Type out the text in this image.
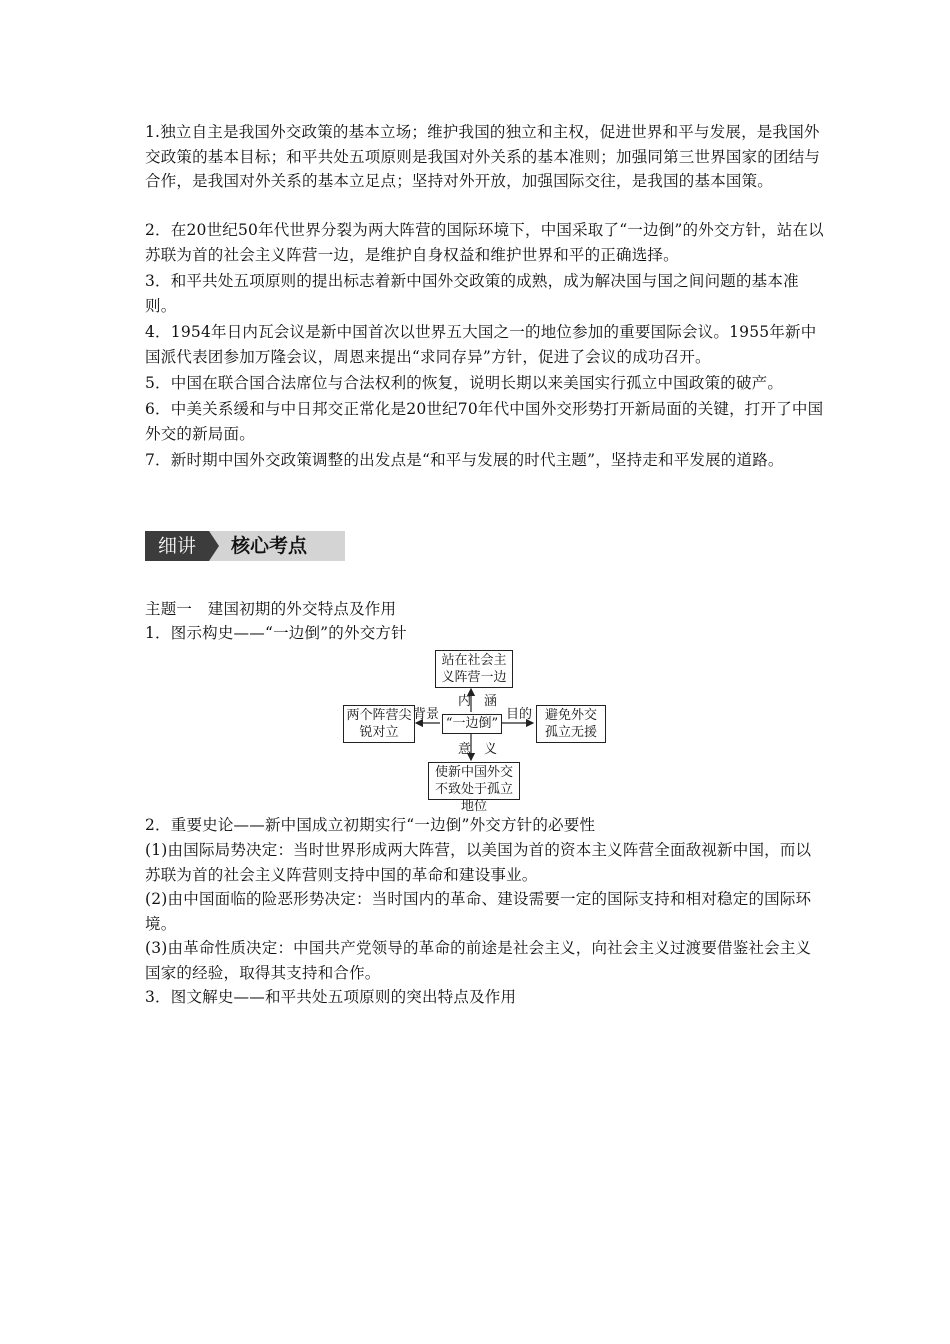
1.独立自主是我国外交政策的基本立场；维护我国的独立和主权，促进世界和平与发展，是我国外交政策的基本目标；和平共处五项原则是我国对外关系的基本准则；加强同第三世界国家的团结与合作，是我国对外关系的基本立足点；坚持对外开放，加强国际交往，是我国的基本国策。

2．在20世纪50年代世界分裂为两大阵营的国际环境下，中国采取了“一边倒”的外交方针，站在以苏联为首的社会主义阵营一边，是维护自身权益和维护世界和平的正确选择。

3．和平共处五项原则的提出标志着新中国外交政策的成熟，成为解决国与国之间问题的基本准则。

4．1954年日内瓦会议是新中国首次以世界五大国之一的地位参加的重要国际会议。1955年新中国派代表团参加万隆会议，周恩来提出“求同存异”方针，促进了会议的成功召开。

5．中国在联合国合法席位与合法权利的恢复，说明长期以来美国实行孤立中国政策的破产。

6．中美关系缓和与中日邦交正常化是20世纪70年代中国外交形势打开新局面的关键，打开了中国外交的新局面。

7．新时期中国外交政策调整的出发点是“和平与发展的时代主题”，坚持走和平发展的道路。

细讲	核心考点

主题一　建国初期的外交特点及作用

1．图示构史——“一边倒”的外交方针

站在社会主义阵营一边
两个阵营尖锐对立
“一边倒”
避免外交孤立无援
使新中国外交不致处于孤立地位
内　涵
背景	目的
意　义

2．重要史论——新中国成立初期实行“一边倒”外交方针的必要性

(1)由国际局势决定：当时世界形成两大阵营，以美国为首的资本主义阵营全面敌视新中国，而以苏联为首的社会主义阵营则支持中国的革命和建设事业。

(2)由中国面临的险恶形势决定：当时国内的革命、建设需要一定的国际支持和相对稳定的国际环境。

(3)由革命性质决定：中国共产党领导的革命的前途是社会主义，向社会主义过渡要借鉴社会主义国家的经验，取得其支持和合作。

3．图文解史——和平共处五项原则的突出特点及作用
